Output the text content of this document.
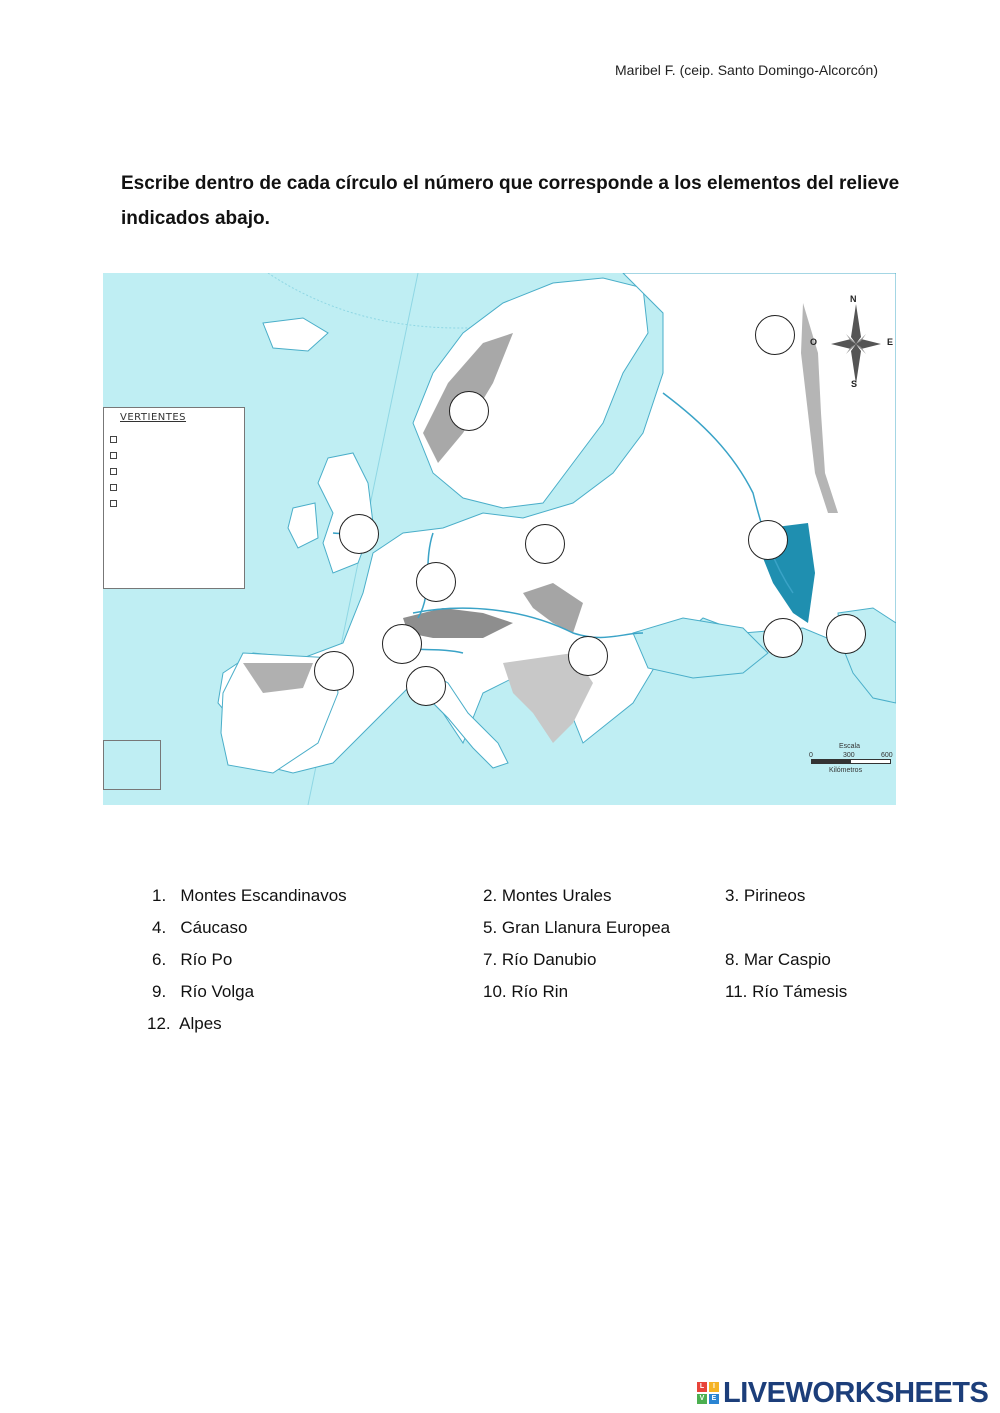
Maribel F. (ceip. Santo Domingo-Alcorcón)
Escribe dentro de cada círculo el número que corresponde a los elementos del relieve indicados abajo.
VERTIENTES
N
S
E
O
Escala
0	300	600
Kilómetros
1.   Montes Escandinavos	2. Montes Urales	3. Pirineos
4.   Cáucaso	5. Gran Llanura Europea
6.   Río Po	7. Río Danubio	8. Mar Caspio
9.   Río Volga	10. Río Rin	11. Río Támesis
12.  Alpes
L	I
V	E LIVEWORKSHEETS
